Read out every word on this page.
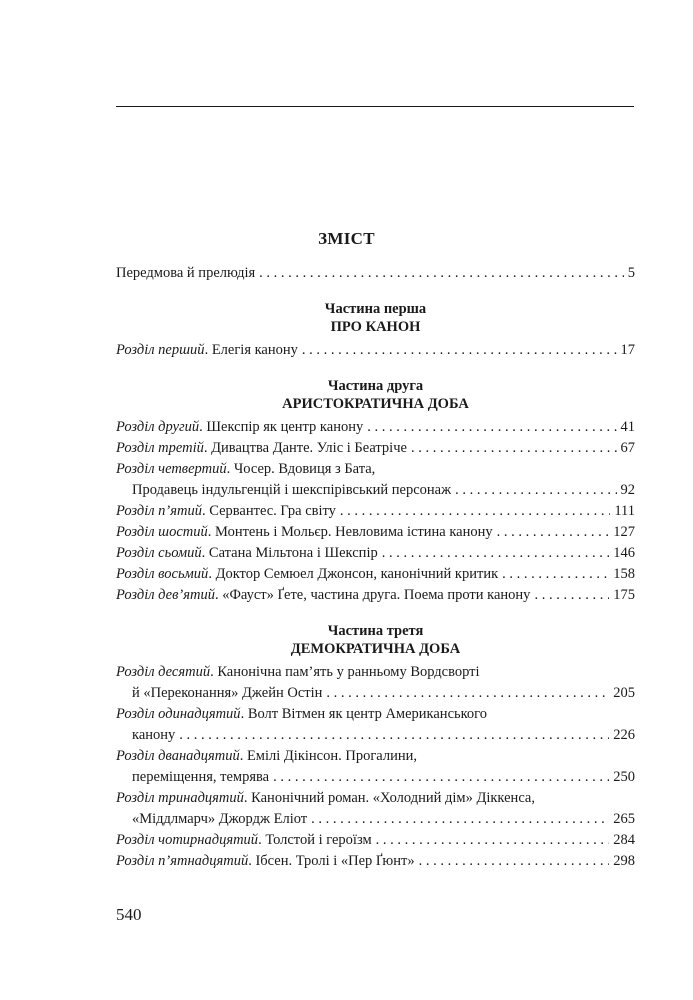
ЗМІСТ
Передмова й прелюдія . . .	5
Частина перша
ПРО КАНОН
Розділ перший. Елегія канону . . .	17
Частина друга
АРИСТОКРАТИЧНА ДОБА
Розділ другий. Шекспір як центр канону . . .	41
Розділ третій. Дивацтва Данте. Уліс і Беатріче . . .	67
Розділ четвертий. Чосер. Вдовиця з Бата,
Продавець індульгенцій і шекспірівський персонаж . . .	92
Розділ п’ятий. Сервантес. Гра світу . . .	111
Розділ шостий. Монтень і Мольєр. Невловима істина канону . . .	127
Розділ сьомий. Сатана Мільтона і Шекспір . . .	146
Розділ восьмий. Доктор Семюел Джонсон, канонічний критик . . .	158
Розділ дев’ятий. «Фауст» Ґете, частина друга. Поема проти канону . . .	175
Частина третя
ДЕМОКРАТИЧНА ДОБА
Розділ десятий. Канонічна пам’ять у ранньому Вордсворті
й «Переконання» Джейн Остін . . .	205
Розділ одинадцятий. Волт Вітмен як центр Американського
канону . . .	226
Розділ дванадцятий. Емілі Дікінсон. Прогалини,
переміщення, темрява . . .	250
Розділ тринадцятий. Канонічний роман. «Холодний дім» Діккенса,
«Міддлмарч» Джордж Еліот . . .	265
Розділ чотирнадцятий. Толстой і героїзм . . .	284
Розділ п’ятнадцятий. Ібсен. Тролі і «Пер Ґюнт» . . .	298
540
